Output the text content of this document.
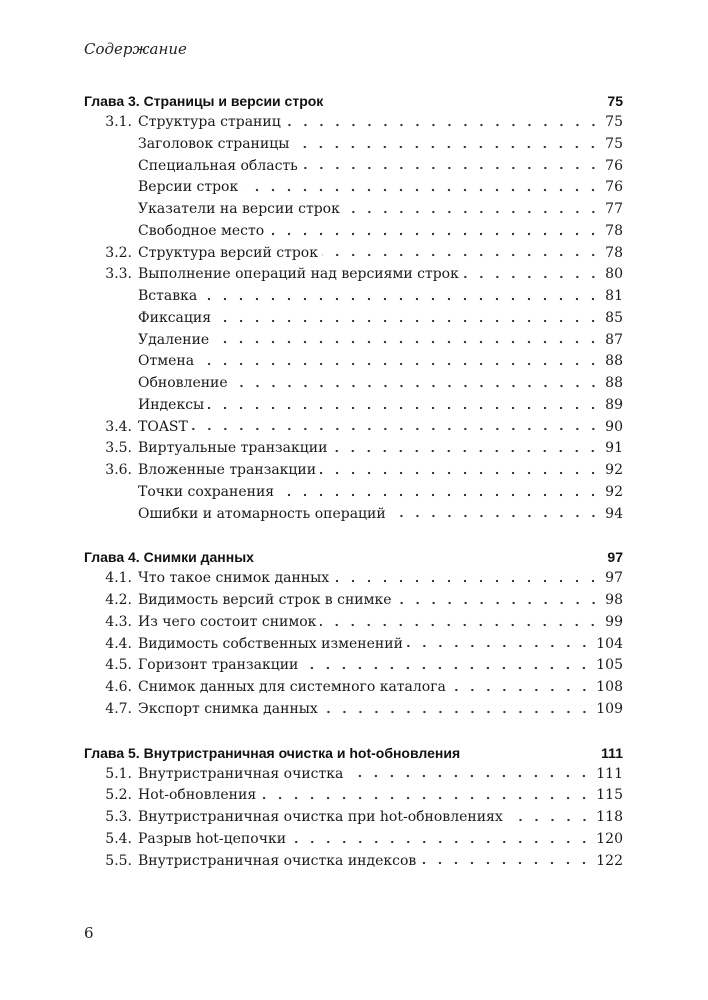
Содержание
Глава 3. Страницы и версии строк	75
3.1. Структура страниц	75
Заголовок страницы	75
Специальная область	76
Версии строк	76
Указатели на версии строк	77
Свободное место	78
3.2. Структура версий строк	78
3.3. Выполнение операций над версиями строк	80
Вставка	81
Фиксация	85
Удаление	87
Отмена	88
Обновление	88
Индексы	89
3.4. TOAST	90
3.5. Виртуальные транзакции	91
3.6. Вложенные транзакции	92
Точки сохранения	92
Ошибки и атомарность операций	94
Глава 4. Снимки данных	97
4.1. Что такое снимок данных	97
4.2. Видимость версий строк в снимке	98
4.3. Из чего состоит снимок	99
4.4. Видимость собственных изменений	104
4.5. Горизонт транзакции	105
4.6. Снимок данных для системного каталога	108
4.7. Экспорт снимка данных	109
Глава 5. Внутристраничная очистка и hot-обновления	111
5.1. Внутристраничная очистка	111
5.2. Hot-обновления	115
5.3. Внутристраничная очистка при hot-обновлениях	118
5.4. Разрыв hot-цепочки	120
5.5. Внутристраничная очистка индексов	122
6
